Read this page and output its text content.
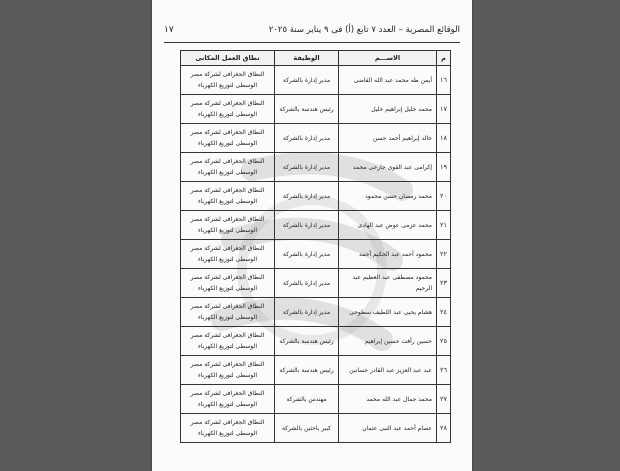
الوقائع المصرية – العدد ٧ تابع (أ) فى ٩ يناير سنة ٢٠٢٥
١٧
م	الاســـم	الوظيفة	نطاق العمل المكانى
١٦	أيمن طه محمد عبد الله القاضى	مدير إدارة بالشركة	النطاق الجغرافى لشركة مصر الوسطى لتوزيع الكهرباء
١٧	محمد خليل إبراهيم خليل	رئيس هندسة بالشركة	النطاق الجغرافى لشركة مصر الوسطى لتوزيع الكهرباء
١٨	خالد إبراهيم أحمد حسن	مدير إدارة بالشركة	النطاق الجغرافى لشركة مصر الوسطى لتوزيع الكهرباء
١٩	إكرامى عبد القوى جارحى محمد	مدير إدارة بالشركة	النطاق الجغرافى لشركة مصر الوسطى لتوزيع الكهرباء
٢٠	محمد رمضان حسن محمود	مدير إدارة بالشركة	النطاق الجغرافى لشركة مصر الوسطى لتوزيع الكهرباء
٢١	محمد عزمى عوض عبد الهادى	مدير إدارة بالشركة	النطاق الجغرافى لشركة مصر الوسطى لتوزيع الكهرباء
٢٢	محمود أحمد عبد الحكيم أحمد	مدير إدارة بالشركة	النطاق الجغرافى لشركة مصر الوسطى لتوزيع الكهرباء
٢٣	محمود مصطفى عبد العظيم عبد الرحيم	مدير إدارة بالشركة	النطاق الجغرافى لشركة مصر الوسطى لتوزيع الكهرباء
٢٤	هشام يحيى عبد اللطيف سطوحى	مدير إدارة بالشركة	النطاق الجغرافى لشركة مصر الوسطى لتوزيع الكهرباء
٢٥	حسين رأفت حسين إبراهيم	رئيس هندسة بالشركة	النطاق الجغرافى لشركة مصر الوسطى لتوزيع الكهرباء
٢٦	عبد عبد العزيز عبد القادر حسانين	رئيس هندسة بالشركة	النطاق الجغرافى لشركة مصر الوسطى لتوزيع الكهرباء
٢٧	محمد جمال عبد الله محمد	مهندس بالشركة	النطاق الجغرافى لشركة مصر الوسطى لتوزيع الكهرباء
٢٨	عصام أحمد عبد النبى عثمان	كبير باحثين بالشركة	النطاق الجغرافى لشركة مصر الوسطى لتوزيع الكهرباء
